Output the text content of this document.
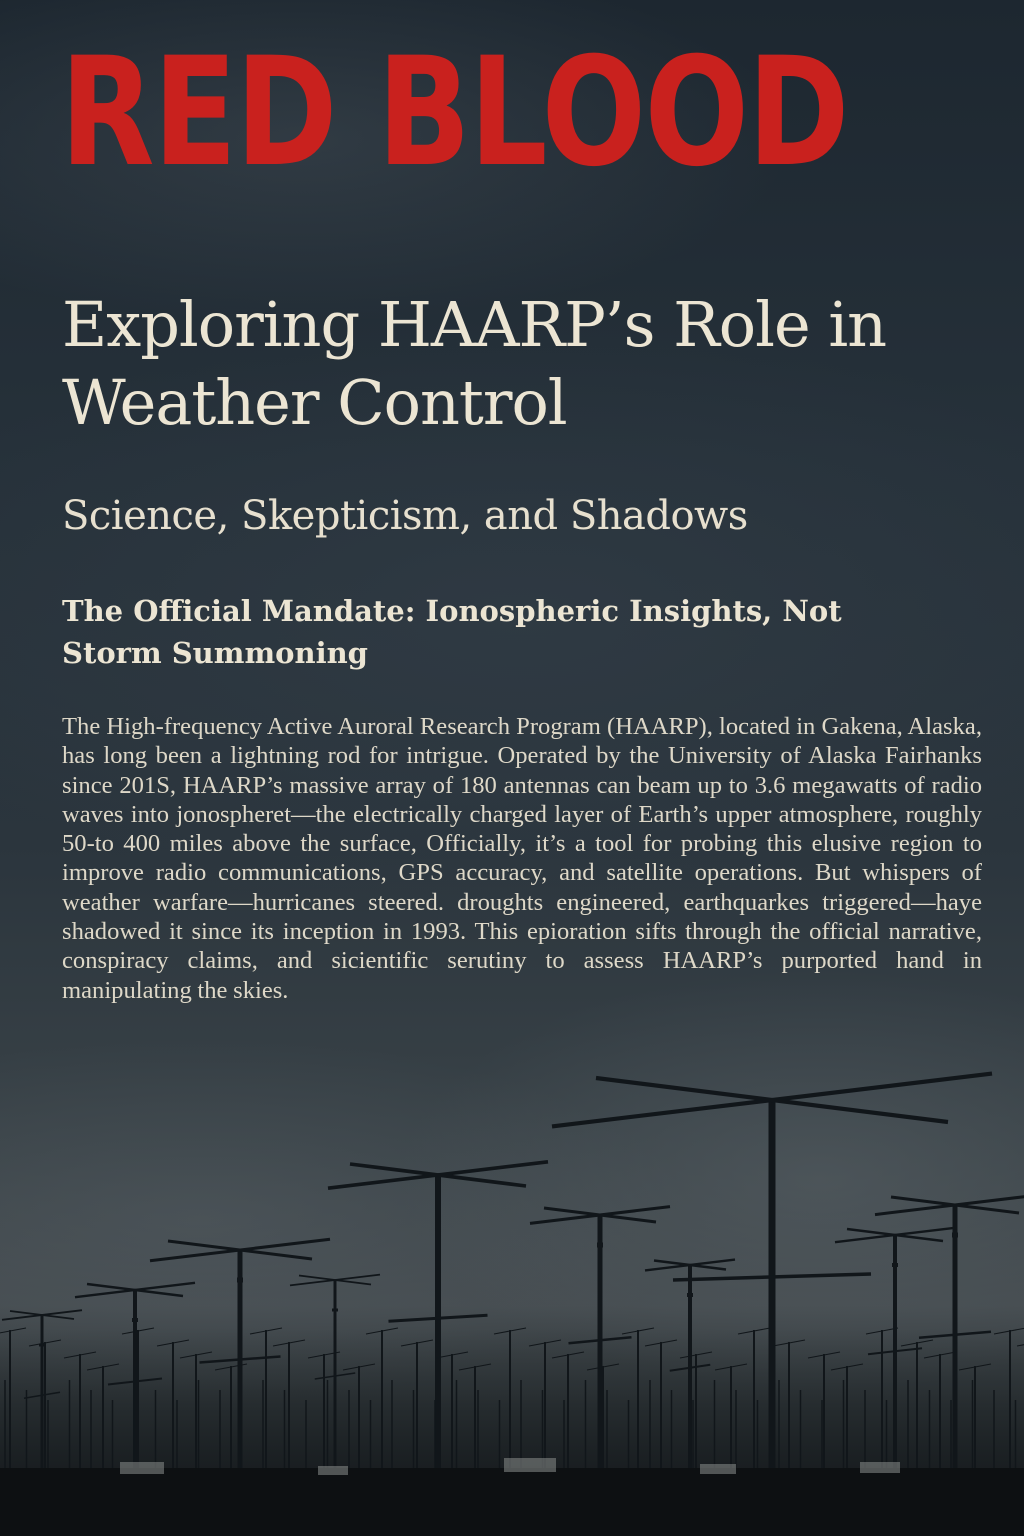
RED BLOOD
Exploring HAARP’s Role in Weather Control

Science, Skepticism, and Shadows

The Official Mandate: Ionospheric Insights, Not Storm Summoning

The High-frequency Active Auroral Research Program (HAARP), located in Gakena, Alaska, has long been a lightning rod for intrigue. Operated by the University of Alaska Fairhanks since 201S, HAARP’s massive array of 180 antennas can beam up to 3.6 megawatts of radio waves into jonospheret—the electrically charged layer of Earth’s upper atmosphere, roughly 50-to 400 miles above the surface, Officially, it’s a tool for probing this elusive region to improve radio communications, GPS accuracy, and satellite operations. But whispers of weather warfare—hurricanes steered. droughts engineered, earthquarkes triggered—haye shadowed it since its inception in 1993. This epioration sifts through the official narrative, conspiracy claims, and sicientific serutiny to assess HAARP’s purported hand in manipulating the skies.
